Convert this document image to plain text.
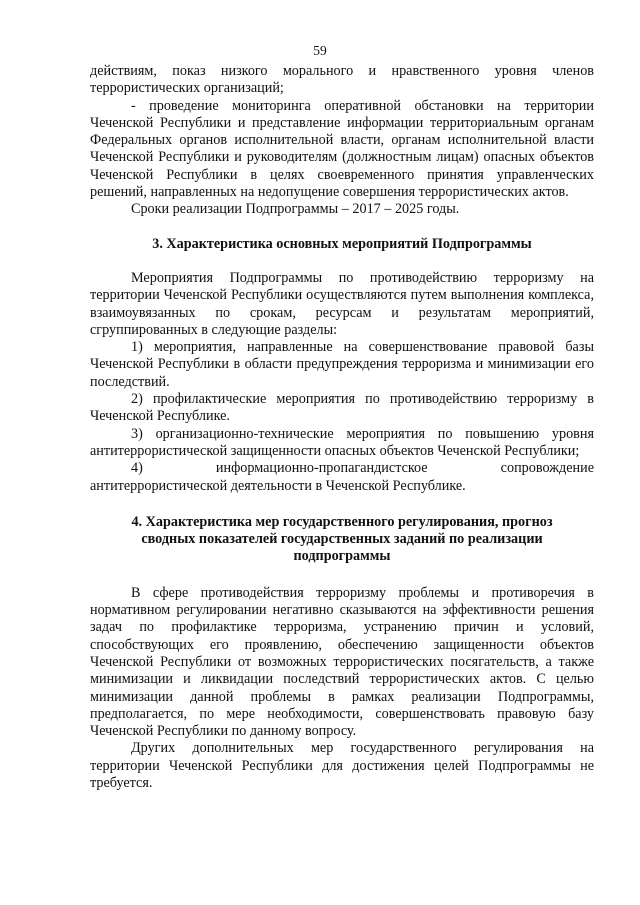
59

действиям, показ низкого морального и нравственного уровня членов террористических организаций;

- проведение мониторинга оперативной обстановки на территории Чеченской Республики и представление информации территориальным органам Федеральных органов исполнительной власти, органам исполнительной власти Чеченской Республики и руководителям (должностным лицам) опасных объектов Чеченской Республики в целях своевременного принятия управленческих решений, направленных на недопущение совершения террористических актов.

Сроки реализации Подпрограммы – 2017 – 2025 годы.

3. Характеристика основных мероприятий Подпрограммы

Мероприятия Подпрограммы по противодействию терроризму на территории Чеченской Республики осуществляются путем выполнения комплекса, взаимоувязанных по срокам, ресурсам и результатам мероприятий, сгруппированных в следующие разделы:

1) мероприятия, направленные на совершенствование правовой базы Чеченской Республики в области предупреждения терроризма и минимизации его последствий.

2) профилактические мероприятия по противодействию терроризму в Чеченской Республике.

3) организационно-технические мероприятия по повышению уровня антитеррористической защищенности опасных объектов Чеченской Республики;

4) информационно-пропагандистское сопровождение антитеррористической деятельности в Чеченской Республике.

4. Характеристика мер государственного регулирования, прогноз

сводных показателей государственных заданий по реализации

подпрограммы

В сфере противодействия терроризму проблемы и противоречия в нормативном регулировании негативно сказываются на эффективности решения задач по профилактике терроризма, устранению причин и условий, способствующих его проявлению, обеспечению защищенности объектов Чеченской Республики от возможных террористических посягательств, а также минимизации и ликвидации последствий террористических актов. С целью минимизации данной проблемы в рамках реализации Подпрограммы, предполагается, по мере необходимости, совершенствовать правовую базу Чеченской Республики по данному вопросу.

Других дополнительных мер государственного регулирования на территории Чеченской Республики для достижения целей Подпрограммы не требуется.
